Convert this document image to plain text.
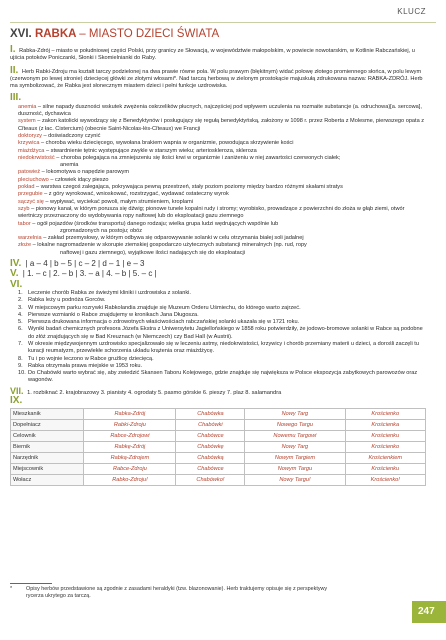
KLUCZ
XVI. RABKA – MIASTO DZIECI ŚWIATA
I. Rabka-Zdrój – miasto w południowej części Polski, przy granicy ze Słowacją, w województwie małopolskim, w powiecie nowotarskim, w Kotlinie Rabczańskiej, u ujścia potoków Poniczanki, Słonki i Skomielnianki do Raby.
II. Herb Rabki-Zdroju ma kształt tarczy podzielonej na dwa prawie równe pola. W polu prawym (błękitnym) widać połowę złotego promiennego słońca, w polu lewym (czerwonym po lewej stronie) dziecięcej główki ze złotymi włosami*. Nad tarczą herbową w zielonym prostokącie majuskułą zdrukowana nazwa: RABKA-ZDRÓJ. Herb ma symbolizować, że Rabka jest słonecznym miastem dzieci i pełni funkcje uzdrowiska.
III.
anemia – silne napady duszności wskutek zwężenia oskrzelików płucnych, najczęściej pod wpływem uczulenia na rozmaite substancje (a. odruchowa)[a. sercowa], duszność, dychawica
system – zakon katolicki wywodzący się z Benedyktynów i posługujący się regułą benedyktyńską, założony w 1098 r. przez Roberta z Molesme, pierwszego opata z Cîteaux (z łac. Cistercium) (obecnie Saint-Nicolas-lès-Cîteaux) we Francji
doktoryzy – doświadczony czynić
krzywica – choroba wieku dziecięcego, wywołana brakiem wapnia w organizmie, powodująca skrzywienie kości
miażdżyca – stwardnienie tętnic występujące zwykle w starszym wieku; arterioskleroza, skleroza
niedokrwistość – choroba polegająca na zmniejszeniu się ilości krwi w organizmie i zaniżeniu w niej zawartości czerwonych ciałek;
anemia
patowieź – lokomotywa o napędzie parowym
pleciuchowo – człowiek idący pieszo
pokład – warstwa czegoś zalegająca, pokrywająca pewną przestrzeń, stały poziom poziomy między bardzo różnymi skałami stratys
przegubie – z góry wyrokować, wnioskować, rozstrzygać, wydawać ostateczny wyrok
sączyć się – wypływać, wyciekać powoli, małym strumieniem, kroplami
szyb – pionowy kanał, w którym porusza się dźwig; pionowe tunele kopalni rudy i stromy; wyrobisko, prowadzące z powierzchni do złoża w głąb ziemi, otwór wiertniczy przeznaczony do wydobywania ropy naftowej lub do eksploatacji gazu ziemnego
tabor – ogół pojazdów (środków transportu) danego rodzaju; wielka grupa ludzi wędrujących wspólnie lub
zgromadzonych na postoju; obóz
warzelnia – zakład przemysłowy, w którym odbywa się odparowywanie solanki w celu otrzymania białej soli jadalnej
złoże – lokalne nagromadzenie w skorupie ziemskiej gospodarczo użytecznych substancji mineralnych (np. rud, ropy
naftowej i gazu ziemnego), wyjątkowe ilości nadających się do eksploatacji
IV. | a – 4 | b – 5 | c – 2 | d – 1 | e – 3
V. | 1. – c | 2. – b | 3. – a | 4. – b | 5. – c |
VI.
1. Leczenie chorób Rabka ze świeżymi kliniki i uzdrowiska z solanki.
2. Rabka leży u podnóża Gorców.
3. W miejscowym parku rozrywki Rabkolandia znajduje się Muzeum Orderu Uśmiechu, do którego warto zajrzeć.
4. Pierwsze wzmianki o Rabce znajdujemy w kronikach Jana Długosza.
5. Pierwsza drukowana informacja o zdrowotnych właściwościach rabczańskiej solanki ukazała się w 1721 roku.
6. Wyniki badań chemicznych profesora Józefa Ekstra z Uniwersytetu Jagiellońskiego w 1858 roku potwierdziły, że jodowo-bromowe solanki w Rabce są podobne do złóż znajdujących się w Bad Kreuznach (w Niemczech) czy Bad Hall (w Austrii).
7. W okresie międzywojennym uzdrowisko specjalizowało się w leczeniu astmy, niedokrwistości, krzywicy i chorób przemiany materii u dzieci, a dorośli zaczęli tu kuracji reumatyzm, przewlekłe schorzenia układu krążenia oraz miażdżycę.
8. Tu i po wojnie leczono w Rabce gruźlicę dziecięcą.
9. Rabka otrzymała prawa miejskie w 1953 roku.
10. Do Chabówki warto wybrać się, aby zwiedzić Skansen Taboru Kolejowego, gdzie znajduje się największa w Polsce ekspozycja zabytkowych parowozów oraz wagonów.
VII. 1. rozbiknać 2. krajobrazowy 3. pianisty 4. ogrodaty 5. pasmo górskie 6. pieszy 7. plaz 8. salamandra
IX.
Mieszkanik	Rabka-Zdrój	Chabówka	Nowy Targ	Krościenko
Dopełniacz	Rabki-Zdroju	Chabówki	Nowego Targu	Krościenka
Celownik	Rabce-Zdrojowi	Chabówce	Nowemu Targowi	Krościenku
Biernik	Rabkę-Zdrój	Chabówkę	Nowy Targ	Krościenko
Narzędnik	Rabką-Zdrojem	Chabówką	Nowym Targiem	Krościenkiem
Miejscownik	Rabce-Zdroju	Chabówce	Nowym Targu	Krościenku
Wołacz	Rabko-Zdroju!	Chabówko!	Nowy Targu!	Krościenko!
*	Opisy herbów przedstawione są zgodnie z zasadami heraldyki (tzw. blazonowanie). Herb traktujemy opisuje się z perspektywy rycerza ukrytego za tarczą.
247
